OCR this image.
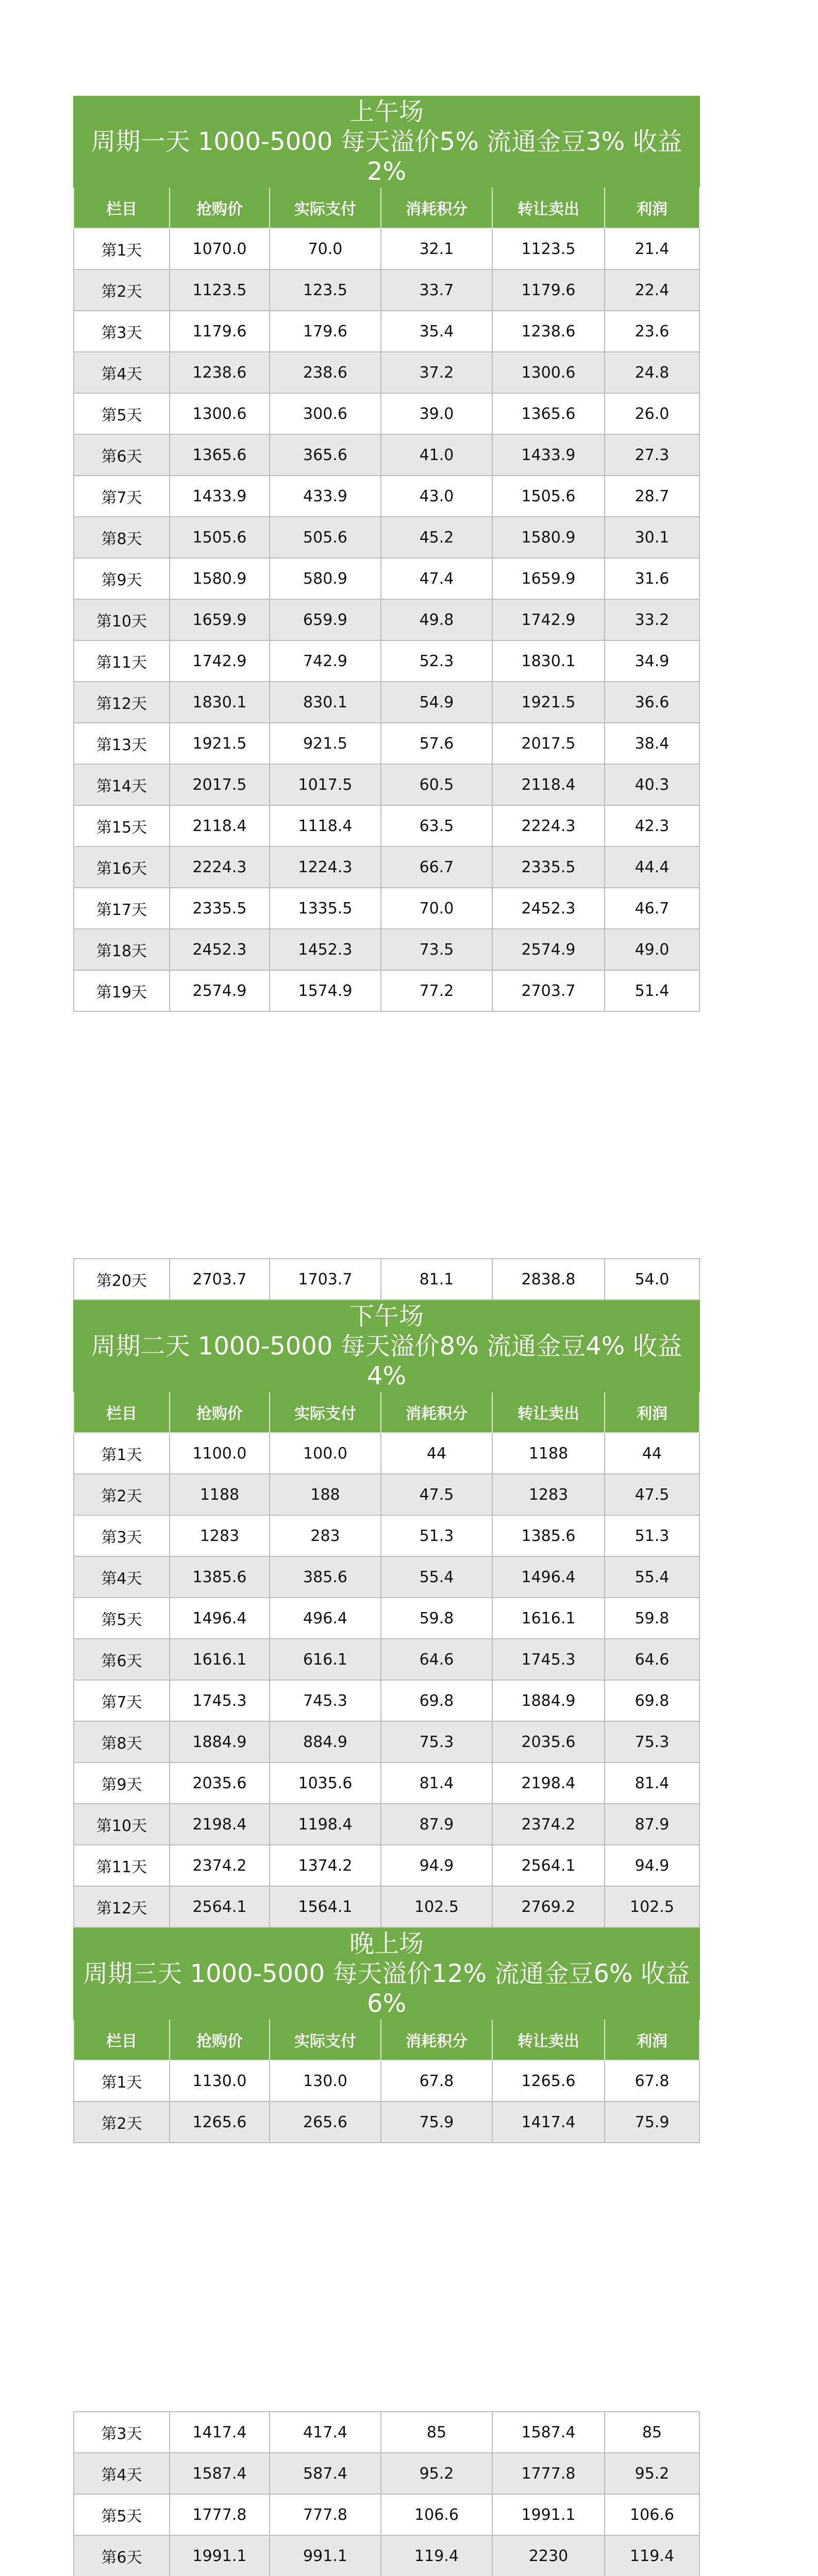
上午场
周期一天 1000-5000 每天溢价5% 流通金豆3% 收益2%					

栏目	抢购价	实际支付	消耗积分	转让卖出	利润
第1天	1070.0	70.0	32.1	1123.5	21.4
第2天	1123.5	123.5	33.7	1179.6	22.4
第3天	1179.6	179.6	35.4	1238.6	23.6
第4天	1238.6	238.6	37.2	1300.6	24.8
第5天	1300.6	300.6	39.0	1365.6	26.0
第6天	1365.6	365.6	41.0	1433.9	27.3
第7天	1433.9	433.9	43.0	1505.6	28.7
第8天	1505.6	505.6	45.2	1580.9	30.1
第9天	1580.9	580.9	47.4	1659.9	31.6
第10天	1659.9	659.9	49.8	1742.9	33.2
第11天	1742.9	742.9	52.3	1830.1	34.9
第12天	1830.1	830.1	54.9	1921.5	36.6
第13天	1921.5	921.5	57.6	2017.5	38.4
第14天	2017.5	1017.5	60.5	2118.4	40.3
第15天	2118.4	1118.4	63.5	2224.3	42.3
第16天	2224.3	1224.3	66.7	2335.5	44.4
第17天	2335.5	1335.5	70.0	2452.3	46.7
第18天	2452.3	1452.3	73.5	2574.9	49.0
第19天	2574.9	1574.9	77.2	2703.7	51.4
第20天	2703.7	1703.7	81.1	2838.8	54.0
下午场
周期二天 1000-5000 每天溢价8% 流通金豆4% 收益4%					

栏目	抢购价	实际支付	消耗积分	转让卖出	利润
第1天	1100.0	100.0	44	1188	44
第2天	1188	188	47.5	1283	47.5
第3天	1283	283	51.3	1385.6	51.3
第4天	1385.6	385.6	55.4	1496.4	55.4
第5天	1496.4	496.4	59.8	1616.1	59.8
第6天	1616.1	616.1	64.6	1745.3	64.6
第7天	1745.3	745.3	69.8	1884.9	69.8
第8天	1884.9	884.9	75.3	2035.6	75.3
第9天	2035.6	1035.6	81.4	2198.4	81.4
第10天	2198.4	1198.4	87.9	2374.2	87.9
第11天	2374.2	1374.2	94.9	2564.1	94.9
第12天	2564.1	1564.1	102.5	2769.2	102.5
晚上场
周期三天 1000-5000 每天溢价12% 流通金豆6% 收益6%					

栏目	抢购价	实际支付	消耗积分	转让卖出	利润
第1天	1130.0	130.0	67.8	1265.6	67.8
第2天	1265.6	265.6	75.9	1417.4	75.9
第3天	1417.4	417.4	85	1587.4	85
第4天	1587.4	587.4	95.2	1777.8	95.2
第5天	1777.8	777.8	106.6	1991.1	106.6
第6天	1991.1	991.1	119.4	2230	119.4
